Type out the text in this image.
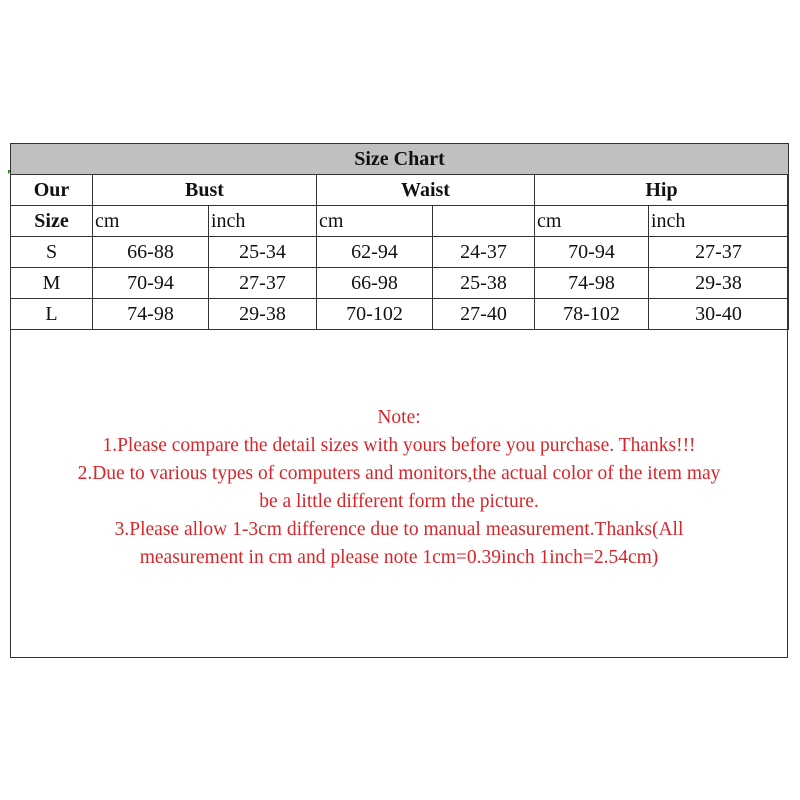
Size Chart						
Our	Bust		Waist		Hip	
Size	cm	inch	cm		cm	inch
S	66-88	25-34	62-94	24-37	70-94	27-37
M	70-94	27-37	66-98	25-38	74-98	29-38
L	74-98	29-38	70-102	27-40	78-102	30-40
Note:
1.Please compare the detail sizes with yours before you purchase. Thanks!!!
2.Due to various types of computers and monitors,the actual color of the item may
be a little different form the picture.
3.Please allow 1-3cm difference due to manual measurement.Thanks(All
measurement in cm and please note 1cm=0.39inch 1inch=2.54cm)
